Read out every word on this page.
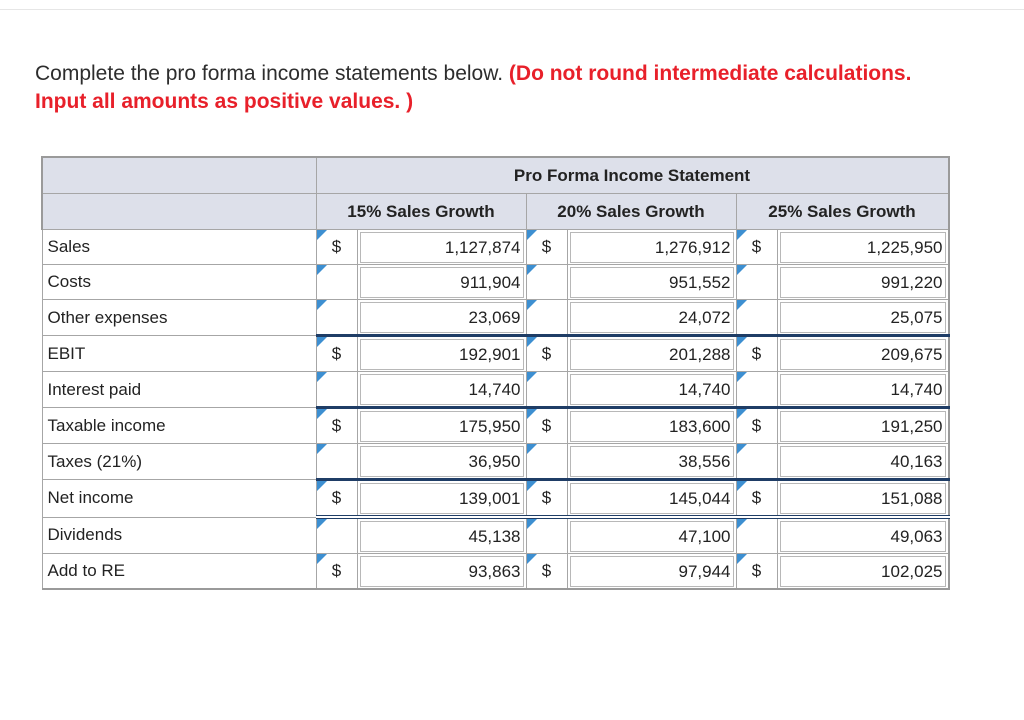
Complete the pro forma income statements below. (Do not round intermediate calculations. Input all amounts as positive values. )
	Pro Forma Income Statement					
	15% Sales Growth		20% Sales Growth		25% Sales Growth	
Sales	$	1,127,874	$	1,276,912	$	1,225,950

Costs		911,904		951,552		991,220

Other expenses		23,069		24,072		25,075

EBIT	$	192,901	$	201,288	$	209,675

Interest paid		14,740		14,740		14,740

Taxable income	$	175,950	$	183,600	$	191,250

Taxes (21%)		36,950		38,556		40,163

Net income	$	139,001	$	145,044	$	151,088

Dividends		45,138		47,100		49,063

Add to RE	$	93,863	$	97,944	$	102,025
